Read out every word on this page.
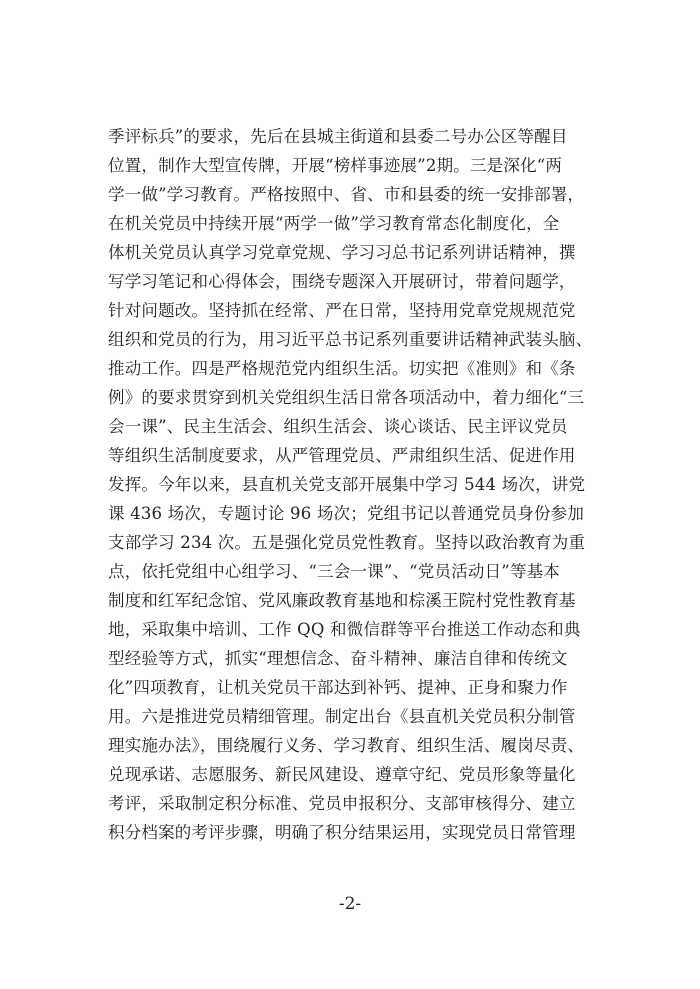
季评标兵”的要求，先后在县城主街道和县委二号办公区等醒目
位置，制作大型宣传牌，开展“榜样事迹展”2期。三是深化“两
学一做”学习教育。严格按照中、省、市和县委的统一安排部署，
在机关党员中持续开展“两学一做”学习教育常态化制度化，全
体机关党员认真学习党章党规、学习习总书记系列讲话精神，撰
写学习笔记和心得体会，围绕专题深入开展研讨，带着问题学，
针对问题改。坚持抓在经常、严在日常，坚持用党章党规规范党
组织和党员的行为，用习近平总书记系列重要讲话精神武装头脑、
推动工作。四是严格规范党内组织生活。切实把《准则》和《条
例》的要求贯穿到机关党组织生活日常各项活动中，着力细化“三
会一课”、民主生活会、组织生活会、谈心谈话、民主评议党员
等组织生活制度要求，从严管理党员、严肃组织生活、促进作用
发挥。今年以来，县直机关党支部开展集中学习 544 场次，讲党
课 436 场次，专题讨论 96 场次；党组书记以普通党员身份参加
支部学习 234 次。五是强化党员党性教育。坚持以政治教育为重
点，依托党组中心组学习、“三会一课”、“党员活动日”等基本
制度和红军纪念馆、党风廉政教育基地和棕溪王院村党性教育基
地，采取集中培训、工作 QQ 和微信群等平台推送工作动态和典
型经验等方式，抓实“理想信念、奋斗精神、廉洁自律和传统文
化”四项教育，让机关党员干部达到补钙、提神、正身和聚力作
用。六是推进党员精细管理。制定出台《县直机关党员积分制管
理实施办法》，围绕履行义务、学习教育、组织生活、履岗尽责、
兑现承诺、志愿服务、新民风建设、遵章守纪、党员形象等量化
考评，采取制定积分标准、党员申报积分、支部审核得分、建立
积分档案的考评步骤，明确了积分结果运用，实现党员日常管理
-2-
